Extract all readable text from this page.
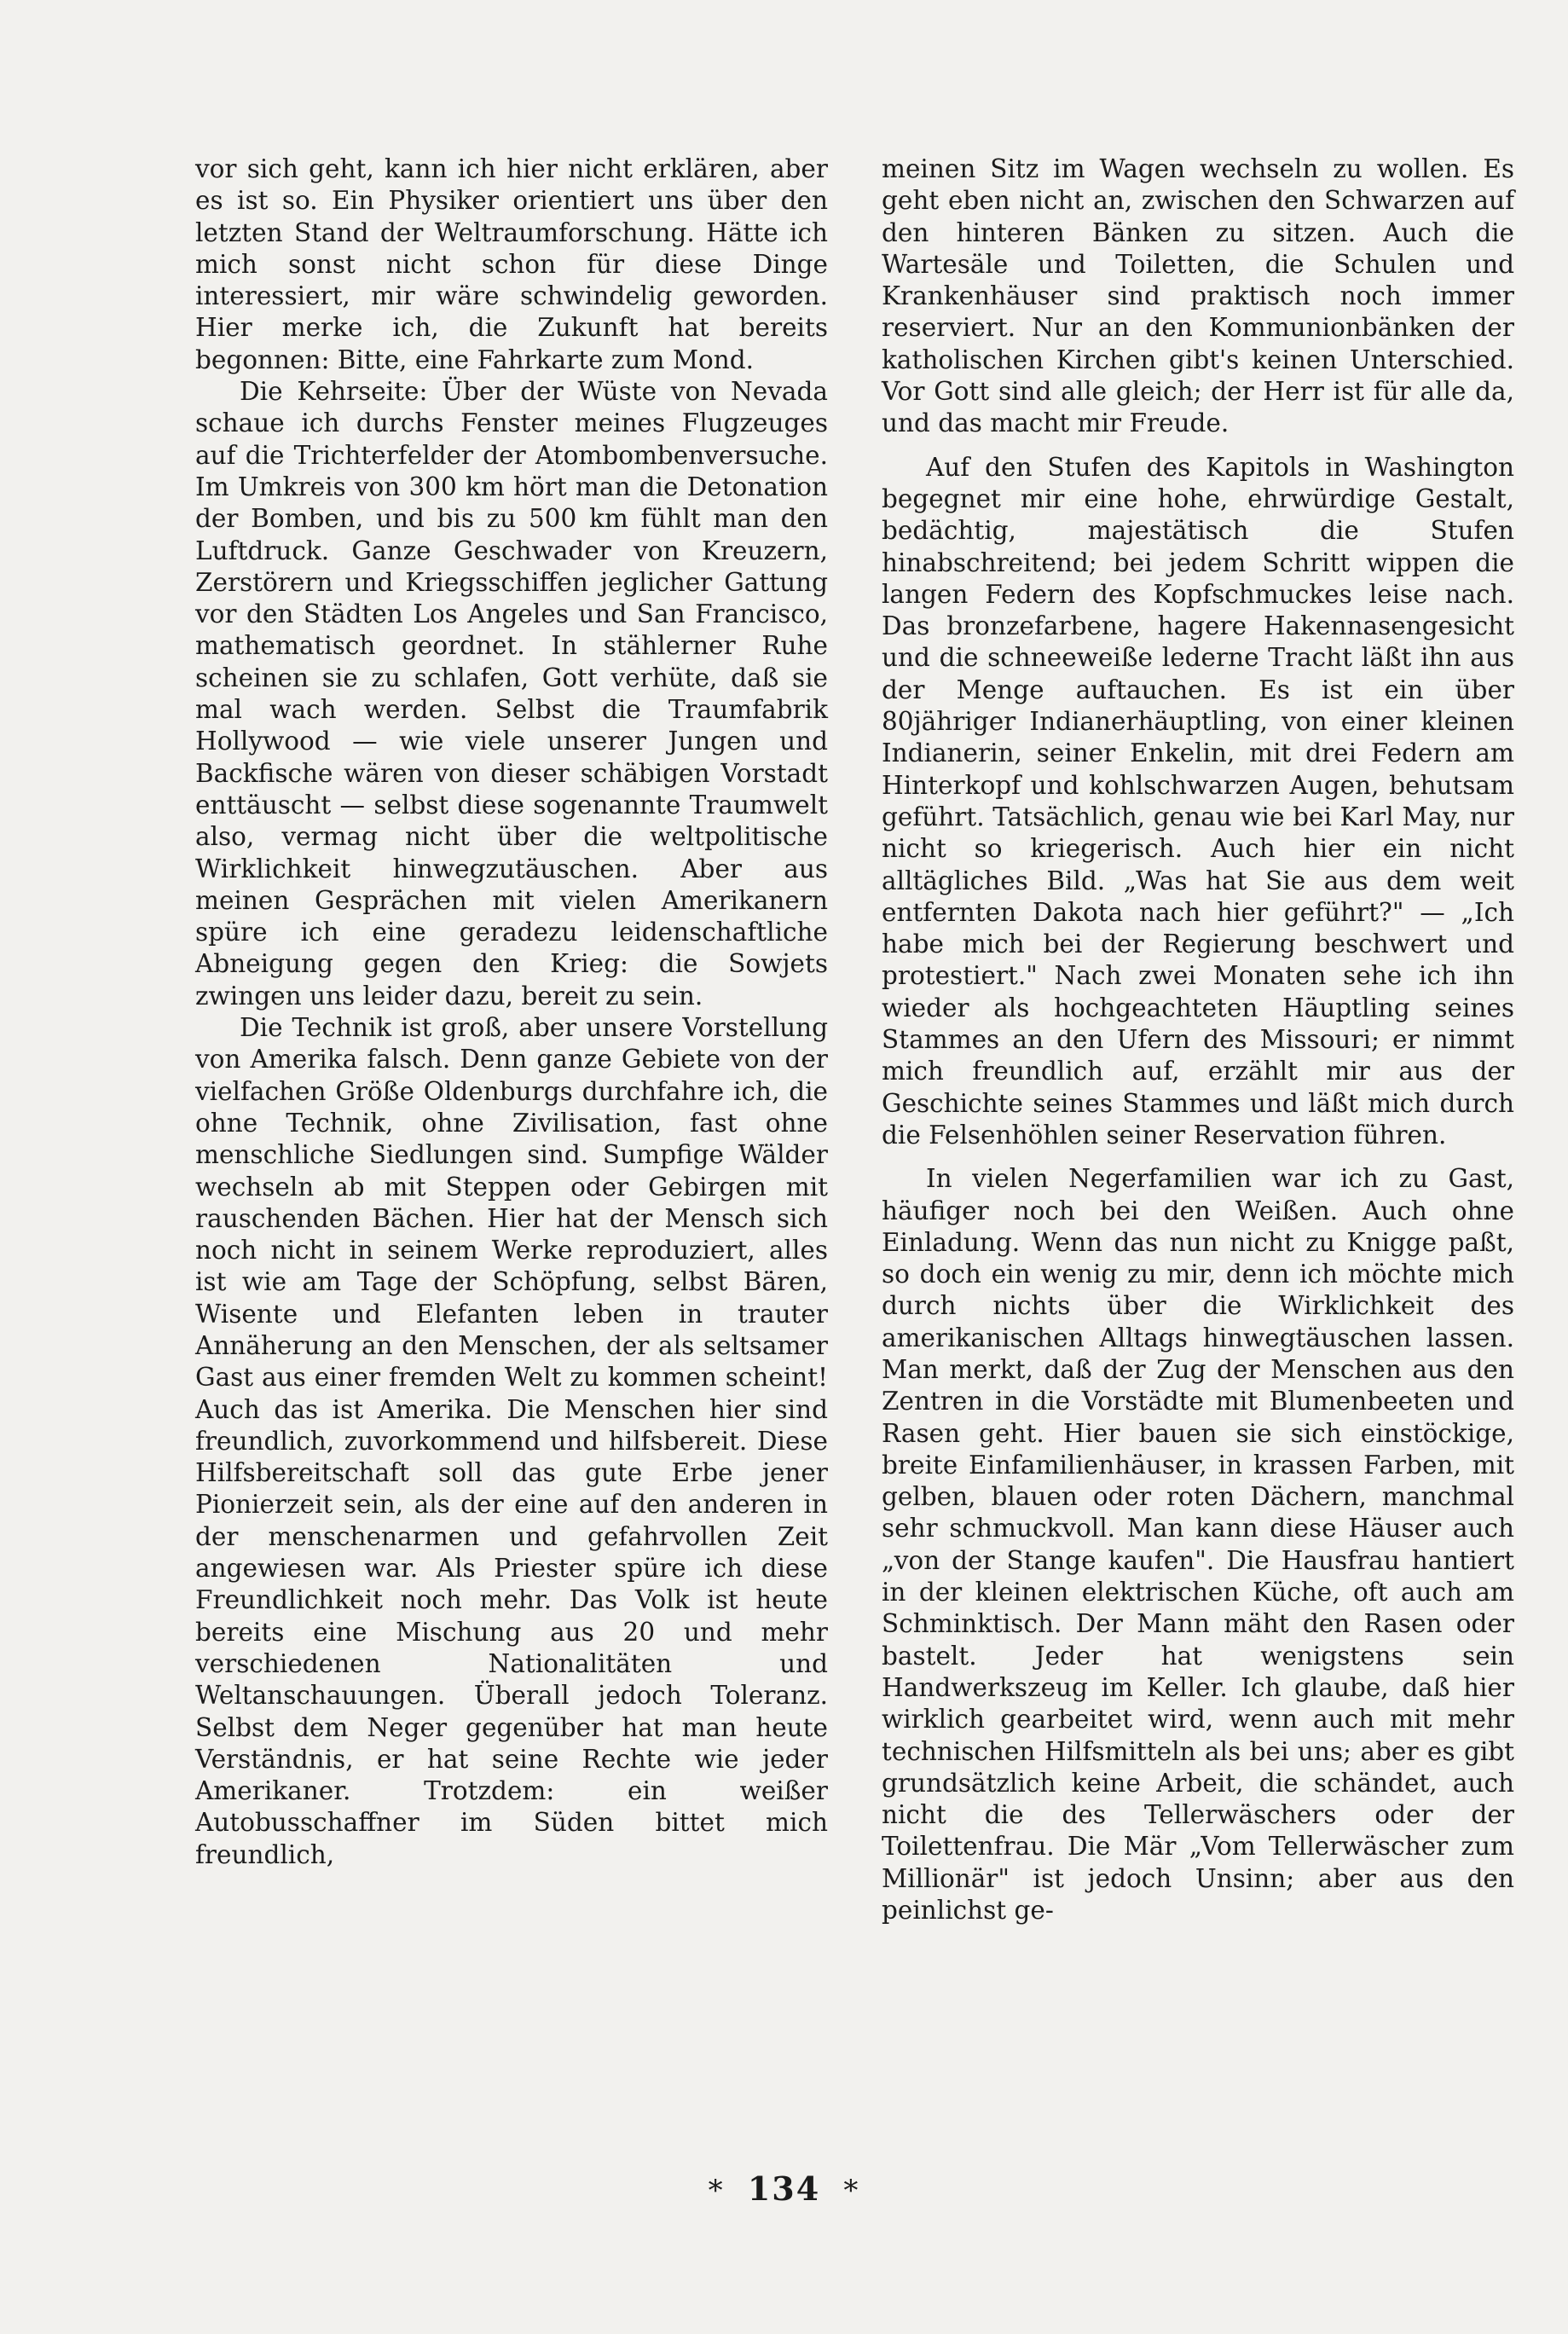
vor sich geht, kann ich hier nicht erklären, aber es ist so. Ein Physiker orientiert uns über den letzten Stand der Weltraumforschung. Hätte ich mich sonst nicht schon für diese Dinge interessiert, mir wäre schwindelig geworden. Hier merke ich, die Zukunft hat bereits begonnen: Bitte, eine Fahrkarte zum Mond.

Die Kehrseite: Über der Wüste von Nevada schaue ich durchs Fenster meines Flugzeuges auf die Trichterfelder der Atombombenversuche. Im Umkreis von 300 km hört man die Detonation der Bomben, und bis zu 500 km fühlt man den Luftdruck. Ganze Geschwader von Kreuzern, Zerstörern und Kriegsschiffen jeglicher Gattung vor den Städten Los Angeles und San Francisco, mathematisch geordnet. In stählerner Ruhe scheinen sie zu schlafen, Gott verhüte, daß sie mal wach werden. Selbst die Traumfabrik Hollywood — wie viele unserer Jungen und Backfische wären von dieser schäbigen Vorstadt enttäuscht — selbst diese sogenannte Traumwelt also, vermag nicht über die weltpolitische Wirklichkeit hinwegzutäuschen. Aber aus meinen Gesprächen mit vielen Amerikanern spüre ich eine geradezu leidenschaftliche Abneigung gegen den Krieg: die Sowjets zwingen uns leider dazu, bereit zu sein.

Die Technik ist groß, aber unsere Vorstellung von Amerika falsch. Denn ganze Gebiete von der vielfachen Größe Oldenburgs durchfahre ich, die ohne Technik, ohne Zivilisation, fast ohne menschliche Siedlungen sind. Sumpfige Wälder wechseln ab mit Steppen oder Gebirgen mit rauschenden Bächen. Hier hat der Mensch sich noch nicht in seinem Werke reproduziert, alles ist wie am Tage der Schöpfung, selbst Bären, Wisente und Elefanten leben in trauter Annäherung an den Menschen, der als seltsamer Gast aus einer fremden Welt zu kommen scheint! Auch das ist Amerika. Die Menschen hier sind freundlich, zuvorkommend und hilfsbereit. Diese Hilfsbereitschaft soll das gute Erbe jener Pionierzeit sein, als der eine auf den anderen in der menschenarmen und gefahrvollen Zeit angewiesen war. Als Priester spüre ich diese Freundlichkeit noch mehr. Das Volk ist heute bereits eine Mischung aus 20 und mehr verschiedenen Nationalitäten und Weltanschauungen. Überall jedoch Toleranz. Selbst dem Neger gegenüber hat man heute Verständnis, er hat seine Rechte wie jeder Amerikaner. Trotzdem: ein weißer Autobusschaffner im Süden bittet mich freundlich,

meinen Sitz im Wagen wechseln zu wollen. Es geht eben nicht an, zwischen den Schwarzen auf den hinteren Bänken zu sitzen. Auch die Wartesäle und Toiletten, die Schulen und Krankenhäuser sind praktisch noch immer reserviert. Nur an den Kommunionbänken der katholischen Kirchen gibt's keinen Unterschied. Vor Gott sind alle gleich; der Herr ist für alle da, und das macht mir Freude.

Auf den Stufen des Kapitols in Washington begegnet mir eine hohe, ehrwürdige Gestalt, bedächtig, majestätisch die Stufen hinabschreitend; bei jedem Schritt wippen die langen Federn des Kopfschmuckes leise nach. Das bronzefarbene, hagere Hakennasengesicht und die schneeweiße lederne Tracht läßt ihn aus der Menge auftauchen. Es ist ein über 80jähriger Indianerhäuptling, von einer kleinen Indianerin, seiner Enkelin, mit drei Federn am Hinterkopf und kohlschwarzen Augen, behutsam geführt. Tatsächlich, genau wie bei Karl May, nur nicht so kriegerisch. Auch hier ein nicht alltägliches Bild. „Was hat Sie aus dem weit entfernten Dakota nach hier geführt?" — „Ich habe mich bei der Regierung beschwert und protestiert." Nach zwei Monaten sehe ich ihn wieder als hochgeachteten Häuptling seines Stammes an den Ufern des Missouri; er nimmt mich freundlich auf, erzählt mir aus der Geschichte seines Stammes und läßt mich durch die Felsenhöhlen seiner Reservation führen.

In vielen Negerfamilien war ich zu Gast, häufiger noch bei den Weißen. Auch ohne Einladung. Wenn das nun nicht zu Knigge paßt, so doch ein wenig zu mir, denn ich möchte mich durch nichts über die Wirklichkeit des amerikanischen Alltags hinwegtäuschen lassen. Man merkt, daß der Zug der Menschen aus den Zentren in die Vorstädte mit Blumenbeeten und Rasen geht. Hier bauen sie sich einstöckige, breite Einfamilienhäuser, in krassen Farben, mit gelben, blauen oder roten Dächern, manchmal sehr schmuckvoll. Man kann diese Häuser auch „von der Stange kaufen". Die Hausfrau hantiert in der kleinen elektrischen Küche, oft auch am Schminktisch. Der Mann mäht den Rasen oder bastelt. Jeder hat wenigstens sein Handwerkszeug im Keller. Ich glaube, daß hier wirklich gearbeitet wird, wenn auch mit mehr technischen Hilfsmitteln als bei uns; aber es gibt grundsätzlich keine Arbeit, die schändet, auch nicht die des Tellerwäschers oder der Toilettenfrau. Die Mär „Vom Tellerwäscher zum Millionär" ist jedoch Unsinn; aber aus den peinlichst ge-

* 134 *
